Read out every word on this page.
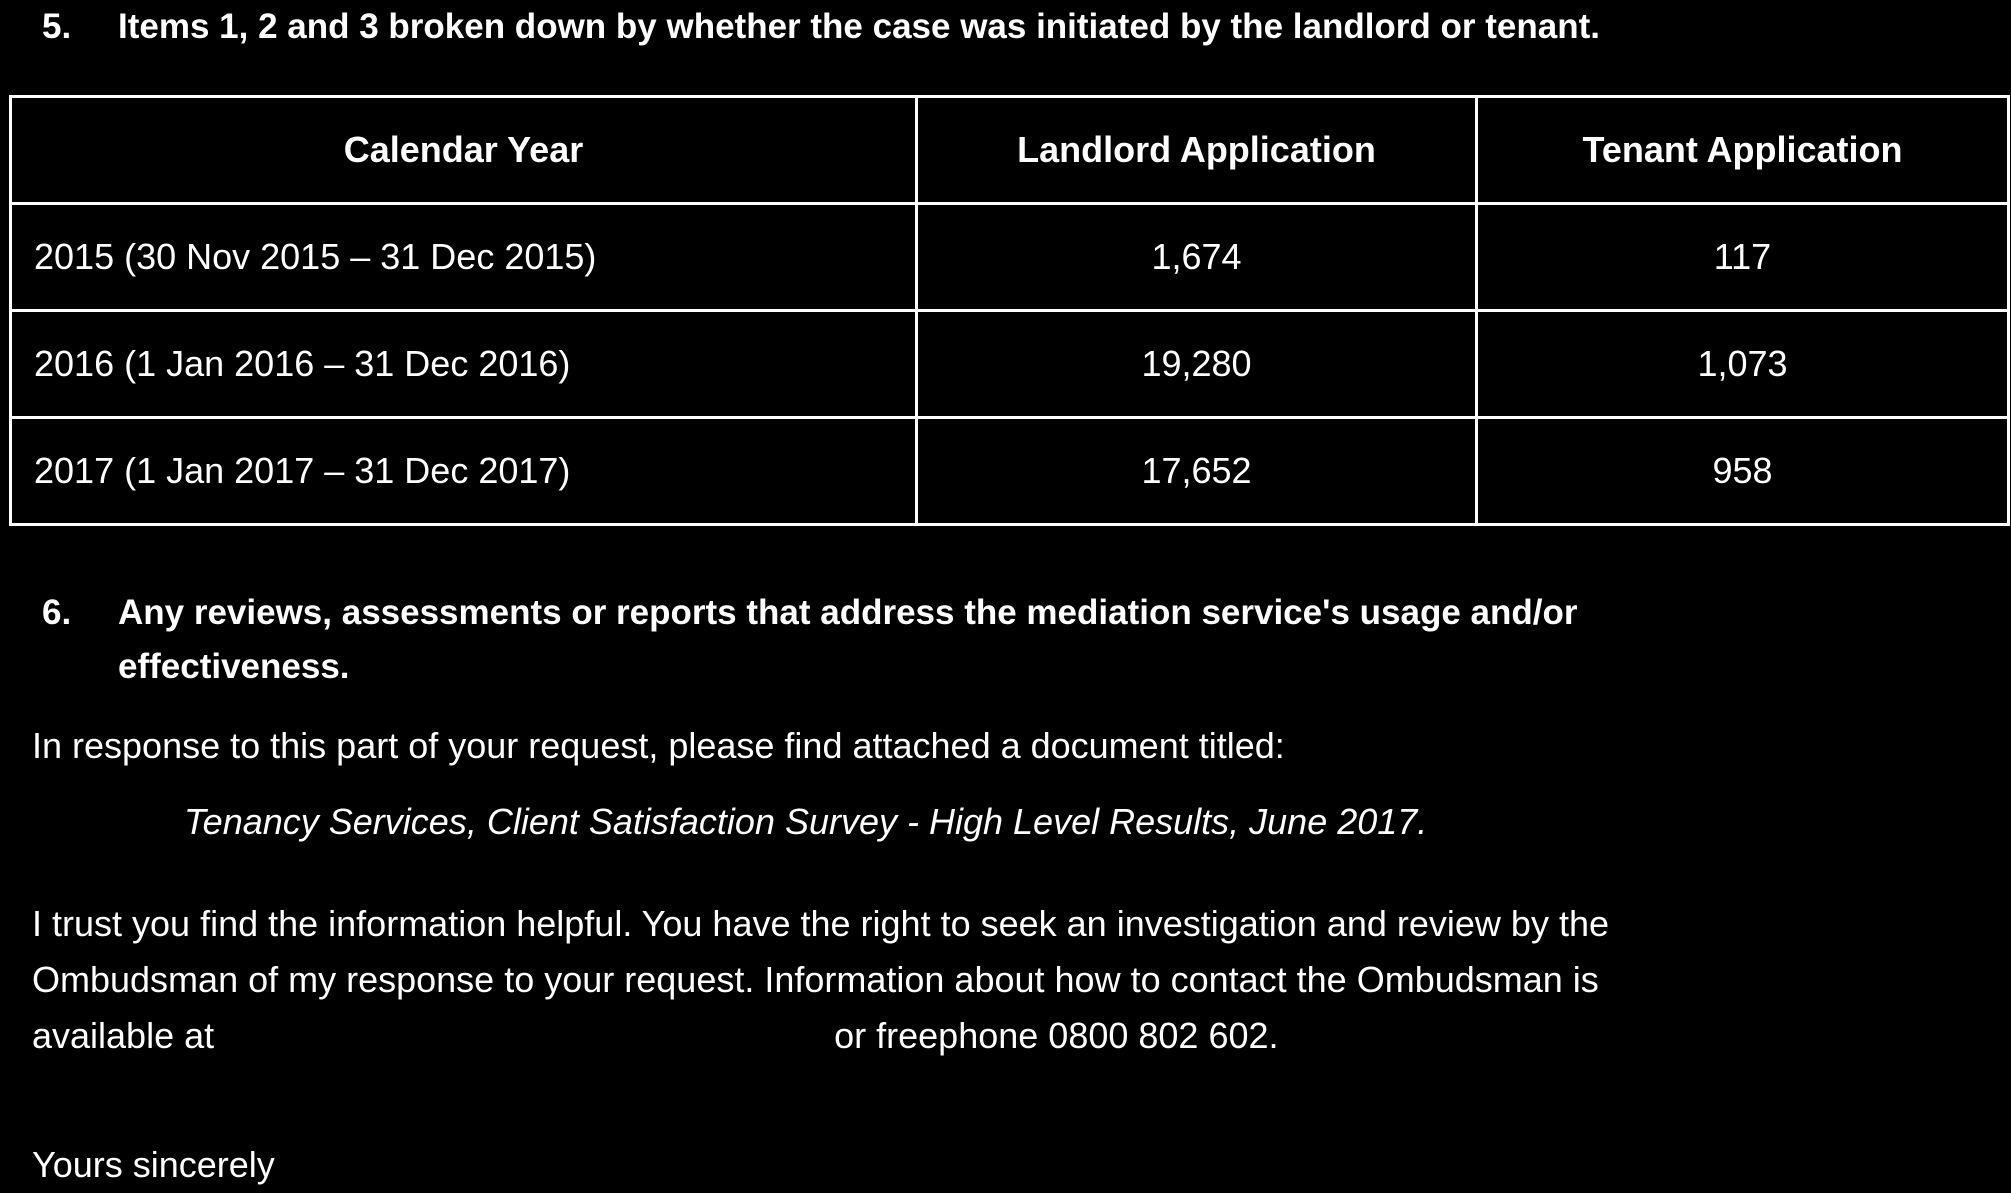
5. Items 1, 2 and 3 broken down by whether the case was initiated by the landlord or tenant.
Calendar Year	Landlord Application	Tenant Application
2015 (30 Nov 2015 – 31 Dec 2015)	1,674	117
2016 (1 Jan 2016 – 31 Dec 2016)	19,280	1,073
2017 (1 Jan 2017 – 31 Dec 2017)	17,652	958
6. Any reviews, assessments or reports that address the mediation service's usage and/or
effectiveness.
In response to this part of your request, please find attached a document titled:
Tenancy Services, Client Satisfaction Survey - High Level Results, June 2017.
I trust you find the information helpful. You have the right to seek an investigation and review by the
Ombudsman of my response to your request. Information about how to contact the Ombudsman is
available at	or freephone 0800 802 602.
Yours sincerely
